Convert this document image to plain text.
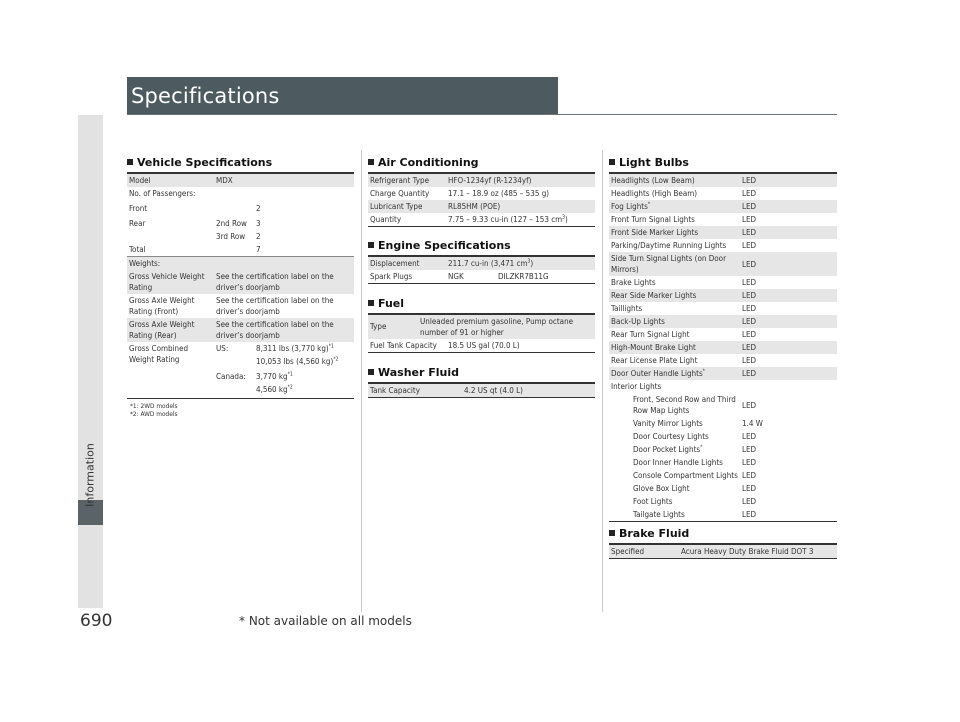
Specifications
Information
690	* Not available on all models
Vehicle Specifications
Model	MDX	
No. of Passengers:		
Front		2
Rear	2nd Row	3
	3rd Row	2
Total		7
Weights:		
Gross Vehicle Weight Rating	See the certification label on the driver’s doorjamb	
Gross Axle Weight Rating (Front)	See the certification label on the driver’s doorjamb	
Gross Axle Weight Rating (Rear)	See the certification label on the driver’s doorjamb	
Gross Combined Weight Rating	US:	8,311 lbs (3,770 kg)$^{*1}$
		10,053 lbs (4,560 kg)$^{*2}$
	Canada:	3,770 $kg^{*1}$
		4,560 $kg^{*2}$
*1: 2WD models
*2: AWD models
Air Conditioning
Refrigerant Type	HFO-1234yf (R-1234yf)
Charge Quantity	17.1 – 18.9 oz (485 – 535 g)
Lubricant Type	RL85HM (POE)
Quantity	7.75 – 9.33 cu-in (127 – 153 $cm^3$)
Engine Specifications
Displacement	211.7 cu-in (3,471 $cm^3$)	
Spark Plugs	NGK	DILZKR7B11G
Fuel
Type	Unleaded premium gasoline, Pump octane number of 91 or higher
Fuel Tank Capacity	18.5 US gal (70.0 L)
Washer Fluid
Tank Capacity	4.2 US qt (4.0 L)
Light Bulbs
Headlights (Low Beam)	LED
Headlights (High Beam)	LED
Fog Lights*	LED
Front Turn Signal Lights	LED
Front Side Marker Lights	LED
Parking/Daytime Running Lights	LED
Side Turn Signal Lights (on Door Mirrors)	LED
Brake Lights	LED
Rear Side Marker Lights	LED
Taillights	LED
Back-Up Lights	LED
Rear Turn Signal Light	LED
High-Mount Brake Light	LED
Rear License Plate Light	LED
Door Outer Handle Lights*	LED
Interior Lights	
	Front, Second Row and Third Row Map Lights	LED
	Vanity Mirror Lights	1.4 W
	Door Courtesy Lights	LED
	Door Pocket Lights*	LED
	Door Inner Handle Lights	LED
	Console Compartment Lights	LED
	Glove Box Light	LED
	Foot Lights	LED
	Tailgate Lights	LED
Brake Fluid
Specified	Acura Heavy Duty Brake Fluid DOT 3
